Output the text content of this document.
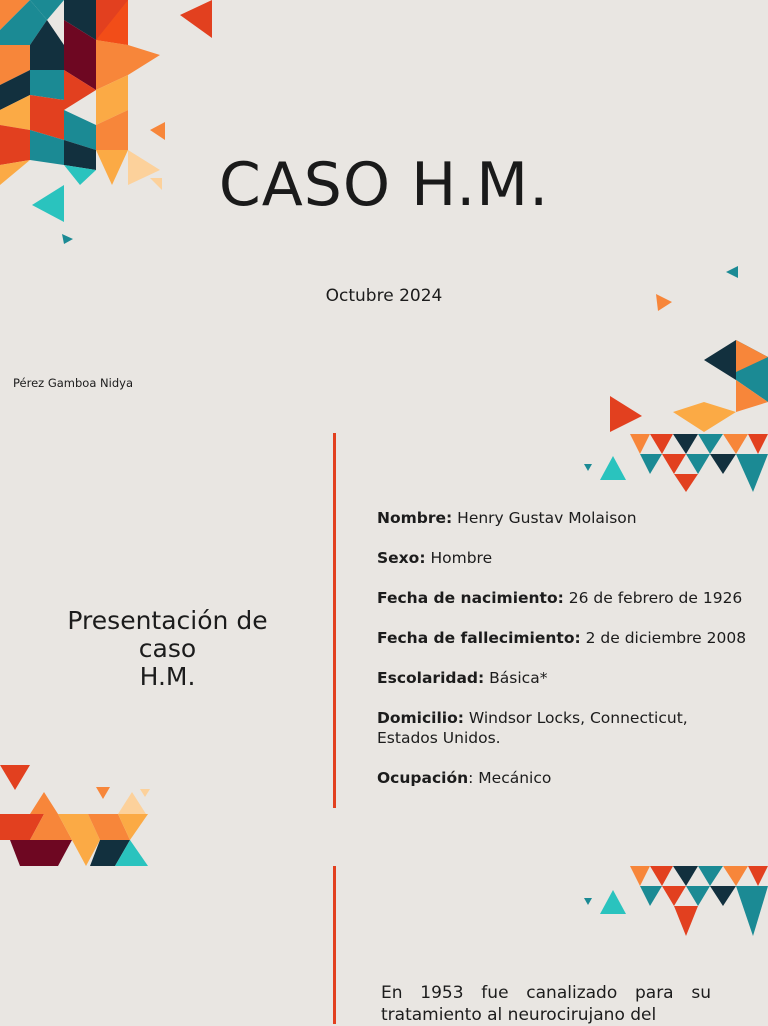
CASO H.M.
Octubre 2024
Pérez Gamboa Nidya
Presentación de
caso
H.M.

Nombre: Henry Gustav Molaison

Sexo: Hombre

Fecha de nacimiento: 26 de febrero de 1926

Fecha de fallecimiento: 2 de diciembre 2008

Escolaridad: Básica*

Domicilio: Windsor Locks, Connecticut, Estados Unidos.

Ocupación: Mecánico

En 1953 fue canalizado para su tratamiento al neurocirujano del
